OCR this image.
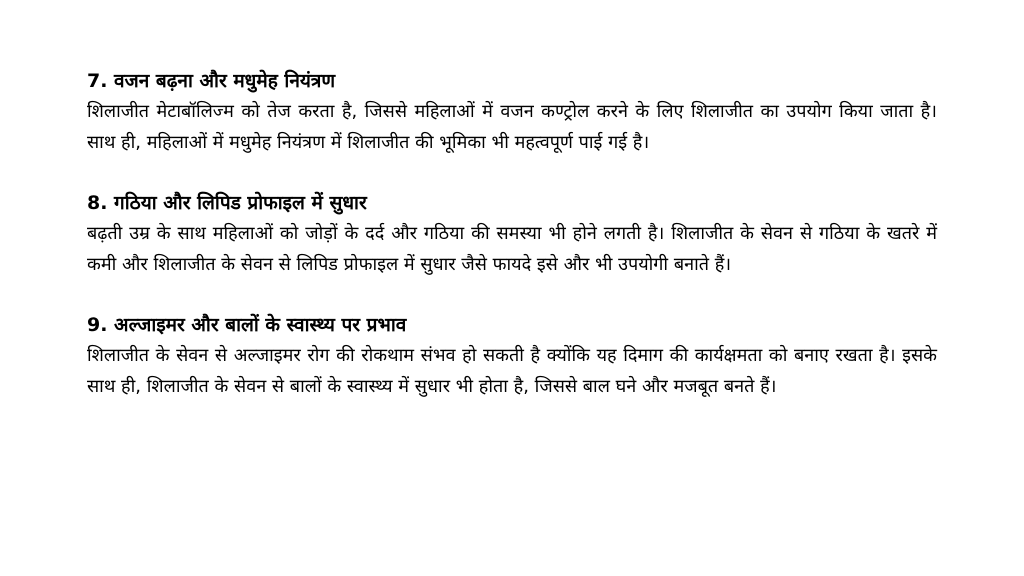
7. वजन बढ़ना और मधुमेह नियंत्रण

शिलाजीत मेटाबॉलिज्म को तेज करता है, जिससे महिलाओं में वजन कण्ट्रोल करने के लिए शिलाजीत का उपयोग किया जाता है। साथ ही, महिलाओं में मधुमेह नियंत्रण में शिलाजीत की भूमिका भी महत्वपूर्ण पाई गई है।

8. गठिया और लिपिड प्रोफाइल में सुधार

बढ़ती उम्र के साथ महिलाओं को जोड़ों के दर्द और गठिया की समस्या भी होने लगती है। शिलाजीत के सेवन से गठिया के खतरे में कमी और शिलाजीत के सेवन से लिपिड प्रोफाइल में सुधार जैसे फायदे इसे और भी उपयोगी बनाते हैं।

9. अल्जाइमर और बालों के स्वास्थ्य पर प्रभाव

शिलाजीत के सेवन से अल्जाइमर रोग की रोकथाम संभव हो सकती है क्योंकि यह दिमाग की कार्यक्षमता को बनाए रखता है। इसके साथ ही, शिलाजीत के सेवन से बालों के स्वास्थ्य में सुधार भी होता है, जिससे बाल घने और मजबूत बनते हैं।
